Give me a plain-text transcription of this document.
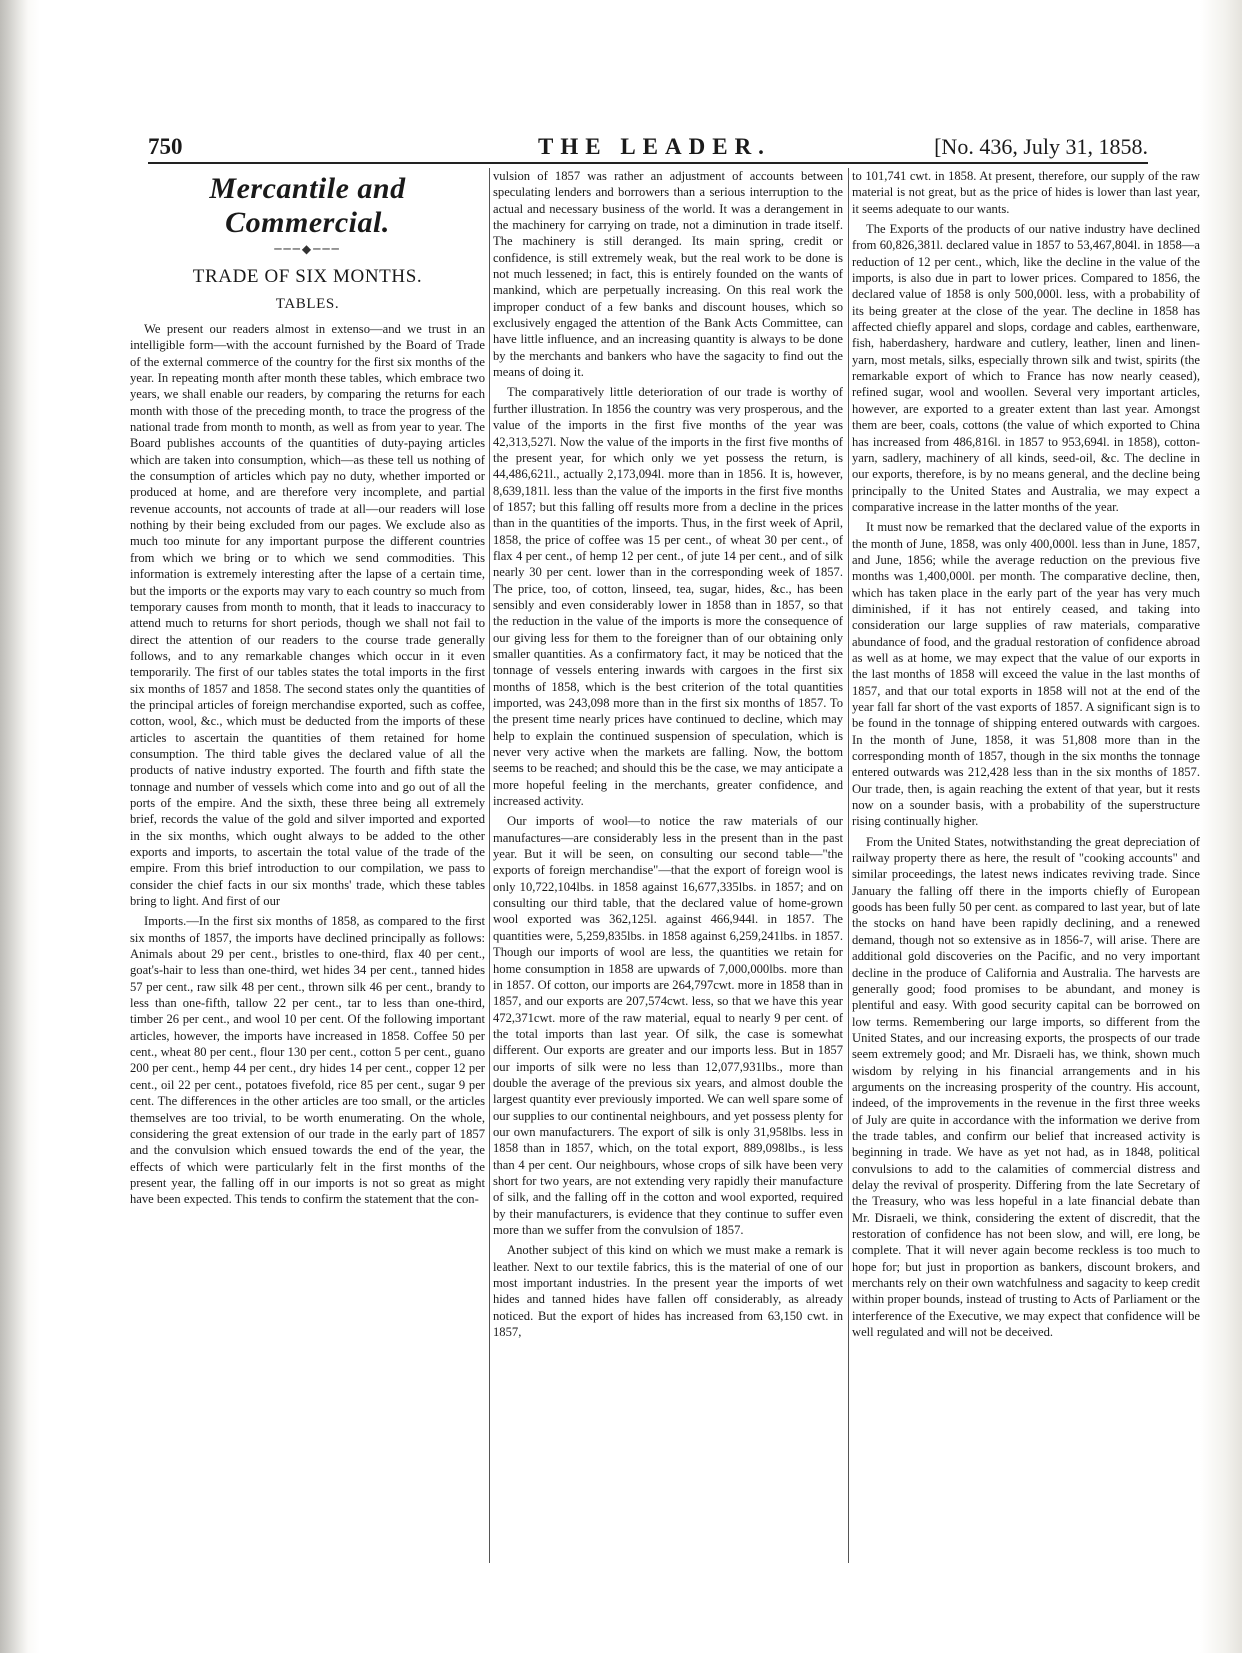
750	THE LEADER.	[No. 436, July 31, 1858.
Mercantile and Commercial.
───◆───
TRADE OF SIX MONTHS.
TABLES.

We present our readers almost in extenso—and we trust in an intelligible form—with the account furnished by the Board of Trade of the external commerce of the country for the first six months of the year. In repeating month after month these tables, which embrace two years, we shall enable our readers, by comparing the returns for each month with those of the preceding month, to trace the progress of the national trade from month to month, as well as from year to year. The Board publishes accounts of the quantities of duty-paying articles which are taken into consumption, which—as these tell us nothing of the consumption of articles which pay no duty, whether imported or produced at home, and are therefore very incomplete, and partial revenue accounts, not accounts of trade at all—our readers will lose nothing by their being excluded from our pages. We exclude also as much too minute for any important purpose the different countries from which we bring or to which we send commodities. This information is extremely interesting after the lapse of a certain time, but the imports or the exports may vary to each country so much from temporary causes from month to month, that it leads to inaccuracy to attend much to returns for short periods, though we shall not fail to direct the attention of our readers to the course trade generally follows, and to any remarkable changes which occur in it even temporarily. The first of our tables states the total imports in the first six months of 1857 and 1858. The second states only the quantities of the principal articles of foreign merchandise exported, such as coffee, cotton, wool, &c., which must be deducted from the imports of these articles to ascertain the quantities of them retained for home consumption. The third table gives the declared value of all the products of native industry exported. The fourth and fifth state the tonnage and number of vessels which come into and go out of all the ports of the empire. And the sixth, these three being all extremely brief, records the value of the gold and silver imported and exported in the six months, which ought always to be added to the other exports and imports, to ascertain the total value of the trade of the empire. From this brief introduction to our compilation, we pass to consider the chief facts in our six months' trade, which these tables bring to light. And first of our

Imports.—In the first six months of 1858, as compared to the first six months of 1857, the imports have declined principally as follows: Animals about 29 per cent., bristles to one-third, flax 40 per cent., goat's-hair to less than one-third, wet hides 34 per cent., tanned hides 57 per cent., raw silk 48 per cent., thrown silk 46 per cent., brandy to less than one-fifth, tallow 22 per cent., tar to less than one-third, timber 26 per cent., and wool 10 per cent. Of the following important articles, however, the imports have increased in 1858. Coffee 50 per cent., wheat 80 per cent., flour 130 per cent., cotton 5 per cent., guano 200 per cent., hemp 44 per cent., dry hides 14 per cent., copper 12 per cent., oil 22 per cent., potatoes fivefold, rice 85 per cent., sugar 9 per cent. The differences in the other articles are too small, or the articles themselves are too trivial, to be worth enumerating. On the whole, considering the great extension of our trade in the early part of 1857 and the convulsion which ensued towards the end of the year, the effects of which were particularly felt in the first months of the present year, the falling off in our imports is not so great as might have been expected. This tends to confirm the statement that the con-

vulsion of 1857 was rather an adjustment of accounts between speculating lenders and borrowers than a serious interruption to the actual and necessary business of the world. It was a derangement in the machinery for carrying on trade, not a diminution in trade itself. The machinery is still deranged. Its main spring, credit or confidence, is still extremely weak, but the real work to be done is not much lessened; in fact, this is entirely founded on the wants of mankind, which are perpetually increasing. On this real work the improper conduct of a few banks and discount houses, which so exclusively engaged the attention of the Bank Acts Committee, can have little influence, and an increasing quantity is always to be done by the merchants and bankers who have the sagacity to find out the means of doing it.

The comparatively little deterioration of our trade is worthy of further illustration. In 1856 the country was very prosperous, and the value of the imports in the first five months of the year was 42,313,527l. Now the value of the imports in the first five months of the present year, for which only we yet possess the return, is 44,486,621l., actually 2,173,094l. more than in 1856. It is, however, 8,639,181l. less than the value of the imports in the first five months of 1857; but this falling off results more from a decline in the prices than in the quantities of the imports. Thus, in the first week of April, 1858, the price of coffee was 15 per cent., of wheat 30 per cent., of flax 4 per cent., of hemp 12 per cent., of jute 14 per cent., and of silk nearly 30 per cent. lower than in the corresponding week of 1857. The price, too, of cotton, linseed, tea, sugar, hides, &c., has been sensibly and even considerably lower in 1858 than in 1857, so that the reduction in the value of the imports is more the consequence of our giving less for them to the foreigner than of our obtaining only smaller quantities. As a confirmatory fact, it may be noticed that the tonnage of vessels entering inwards with cargoes in the first six months of 1858, which is the best criterion of the total quantities imported, was 243,098 more than in the first six months of 1857. To the present time nearly prices have continued to decline, which may help to explain the continued suspension of speculation, which is never very active when the markets are falling. Now, the bottom seems to be reached; and should this be the case, we may anticipate a more hopeful feeling in the merchants, greater confidence, and increased activity.

Our imports of wool—to notice the raw materials of our manufactures—are considerably less in the present than in the past year. But it will be seen, on consulting our second table—"the exports of foreign merchandise"—that the export of foreign wool is only 10,722,104lbs. in 1858 against 16,677,335lbs. in 1857; and on consulting our third table, that the declared value of home-grown wool exported was 362,125l. against 466,944l. in 1857. The quantities were, 5,259,835lbs. in 1858 against 6,259,241lbs. in 1857. Though our imports of wool are less, the quantities we retain for home consumption in 1858 are upwards of 7,000,000lbs. more than in 1857. Of cotton, our imports are 264,797cwt. more in 1858 than in 1857, and our exports are 207,574cwt. less, so that we have this year 472,371cwt. more of the raw material, equal to nearly 9 per cent. of the total imports than last year. Of silk, the case is somewhat different. Our exports are greater and our imports less. But in 1857 our imports of silk were no less than 12,077,931lbs., more than double the average of the previous six years, and almost double the largest quantity ever previously imported. We can well spare some of our supplies to our continental neighbours, and yet possess plenty for our own manufacturers. The export of silk is only 31,958lbs. less in 1858 than in 1857, which, on the total export, 889,098lbs., is less than 4 per cent. Our neighbours, whose crops of silk have been very short for two years, are not extending very rapidly their manufacture of silk, and the falling off in the cotton and wool exported, required by their manufacturers, is evidence that they continue to suffer even more than we suffer from the convulsion of 1857.

Another subject of this kind on which we must make a remark is leather. Next to our textile fabrics, this is the material of one of our most important industries. In the present year the imports of wet hides and tanned hides have fallen off considerably, as already noticed. But the export of hides has increased from 63,150 cwt. in 1857,

to 101,741 cwt. in 1858. At present, therefore, our supply of the raw material is not great, but as the price of hides is lower than last year, it seems adequate to our wants.

The Exports of the products of our native industry have declined from 60,826,381l. declared value in 1857 to 53,467,804l. in 1858—a reduction of 12 per cent., which, like the decline in the value of the imports, is also due in part to lower prices. Compared to 1856, the declared value of 1858 is only 500,000l. less, with a probability of its being greater at the close of the year. The decline in 1858 has affected chiefly apparel and slops, cordage and cables, earthenware, fish, haberdashery, hardware and cutlery, leather, linen and linen-yarn, most metals, silks, especially thrown silk and twist, spirits (the remarkable export of which to France has now nearly ceased), refined sugar, wool and woollen. Several very important articles, however, are exported to a greater extent than last year. Amongst them are beer, coals, cottons (the value of which exported to China has increased from 486,816l. in 1857 to 953,694l. in 1858), cotton-yarn, sadlery, machinery of all kinds, seed-oil, &c. The decline in our exports, therefore, is by no means general, and the decline being principally to the United States and Australia, we may expect a comparative increase in the latter months of the year.

It must now be remarked that the declared value of the exports in the month of June, 1858, was only 400,000l. less than in June, 1857, and June, 1856; while the average reduction on the previous five months was 1,400,000l. per month. The comparative decline, then, which has taken place in the early part of the year has very much diminished, if it has not entirely ceased, and taking into consideration our large supplies of raw materials, comparative abundance of food, and the gradual restoration of confidence abroad as well as at home, we may expect that the value of our exports in the last months of 1858 will exceed the value in the last months of 1857, and that our total exports in 1858 will not at the end of the year fall far short of the vast exports of 1857. A significant sign is to be found in the tonnage of shipping entered outwards with cargoes. In the month of June, 1858, it was 51,808 more than in the corresponding month of 1857, though in the six months the tonnage entered outwards was 212,428 less than in the six months of 1857. Our trade, then, is again reaching the extent of that year, but it rests now on a sounder basis, with a probability of the superstructure rising continually higher.

From the United States, notwithstanding the great depreciation of railway property there as here, the result of "cooking accounts" and similar proceedings, the latest news indicates reviving trade. Since January the falling off there in the imports chiefly of European goods has been fully 50 per cent. as compared to last year, but of late the stocks on hand have been rapidly declining, and a renewed demand, though not so extensive as in 1856-7, will arise. There are additional gold discoveries on the Pacific, and no very important decline in the produce of California and Australia. The harvests are generally good; food promises to be abundant, and money is plentiful and easy. With good security capital can be borrowed on low terms. Remembering our large imports, so different from the United States, and our increasing exports, the prospects of our trade seem extremely good; and Mr. Disraeli has, we think, shown much wisdom by relying in his financial arrangements and in his arguments on the increasing prosperity of the country. His account, indeed, of the improvements in the revenue in the first three weeks of July are quite in accordance with the information we derive from the trade tables, and confirm our belief that increased activity is beginning in trade. We have as yet not had, as in 1848, political convulsions to add to the calamities of commercial distress and delay the revival of prosperity. Differing from the late Secretary of the Treasury, who was less hopeful in a late financial debate than Mr. Disraeli, we think, considering the extent of discredit, that the restoration of confidence has not been slow, and will, ere long, be complete. That it will never again become reckless is too much to hope for; but just in proportion as bankers, discount brokers, and merchants rely on their own watchfulness and sagacity to keep credit within proper bounds, instead of trusting to Acts of Parliament or the interference of the Executive, we may expect that confidence will be well regulated and will not be deceived.
